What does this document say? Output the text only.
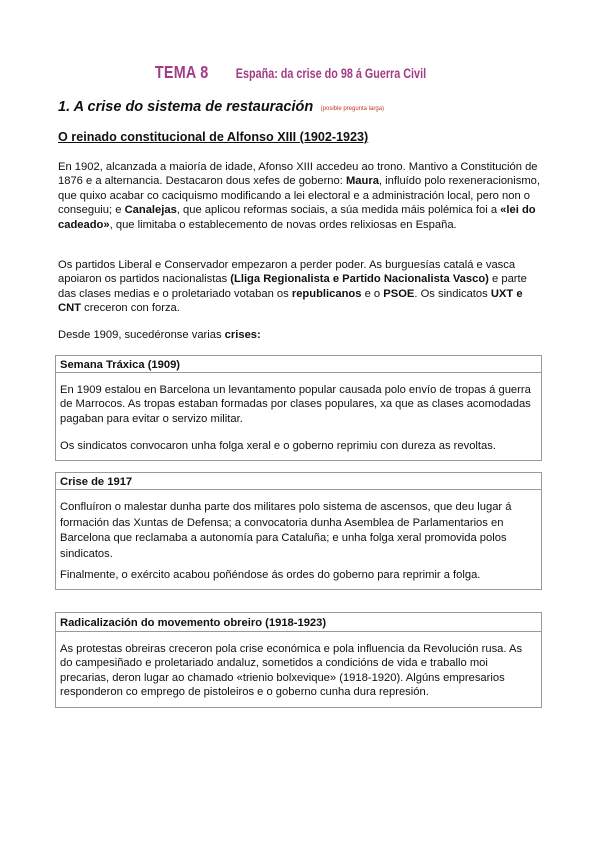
TEMA 8 España: da crise do 98 á Guerra Civil
1. A crise do sistema de restauración (posible pregunta larga)
O reinado constitucional de Alfonso XIII (1902-1923)

En 1902, alcanzada a maioría de idade, Afonso XIII accedeu ao trono. Mantivo a Constitución de 1876 e a alternancia. Destacaron dous xefes de goberno: Maura, influído polo rexeneracionismo, que quixo acabar co caciquismo modificando a lei electoral e a administración local, pero non o conseguiu; e Canalejas, que aplicou reformas sociais, a súa medida máis polémica foi a «lei do cadeado», que limitaba o establecemento de novas ordes relixiosas en España.

Os partidos Liberal e Conservador empezaron a perder poder. As burguesías catalá e vasca apoiaron os partidos nacionalistas (Lliga Regionalista e Partido Nacionalista Vasco) e parte das clases medias e o proletariado votaban os republicanos e o PSOE. Os sindicatos UXT e CNT creceron con forza.

Desde 1909, sucedéronse varias crises:

Semana Tráxica (1909)

En 1909 estalou en Barcelona un levantamento popular causada polo envío de tropas á guerra de Marrocos. As tropas estaban formadas por clases populares, xa que as clases acomodadas pagaban para evitar o servizo militar.

Os sindicatos convocaron unha folga xeral e o goberno reprimiu con dureza as revoltas.

Crise de 1917

Confluíron o malestar dunha parte dos militares polo sistema de ascensos, que deu lugar á formación das Xuntas de Defensa; a convocatoria dunha Asemblea de Parlamentarios en Barcelona que reclamaba a autonomía para Cataluña; e unha folga xeral promovida polos sindicatos.

Finalmente, o exército acabou poñéndose ás ordes do goberno para reprimir a folga.

Radicalización do movemento obreiro (1918-1923)

As protestas obreiras creceron pola crise económica e pola influencia da Revolución rusa. As do campesiñado e proletariado andaluz, sometidos a condicións de vida e traballo moi precarias, deron lugar ao chamado «trienio bolxevique» (1918-1920). Algúns empresarios responderon co emprego de pistoleiros e o goberno cunha dura represión.
